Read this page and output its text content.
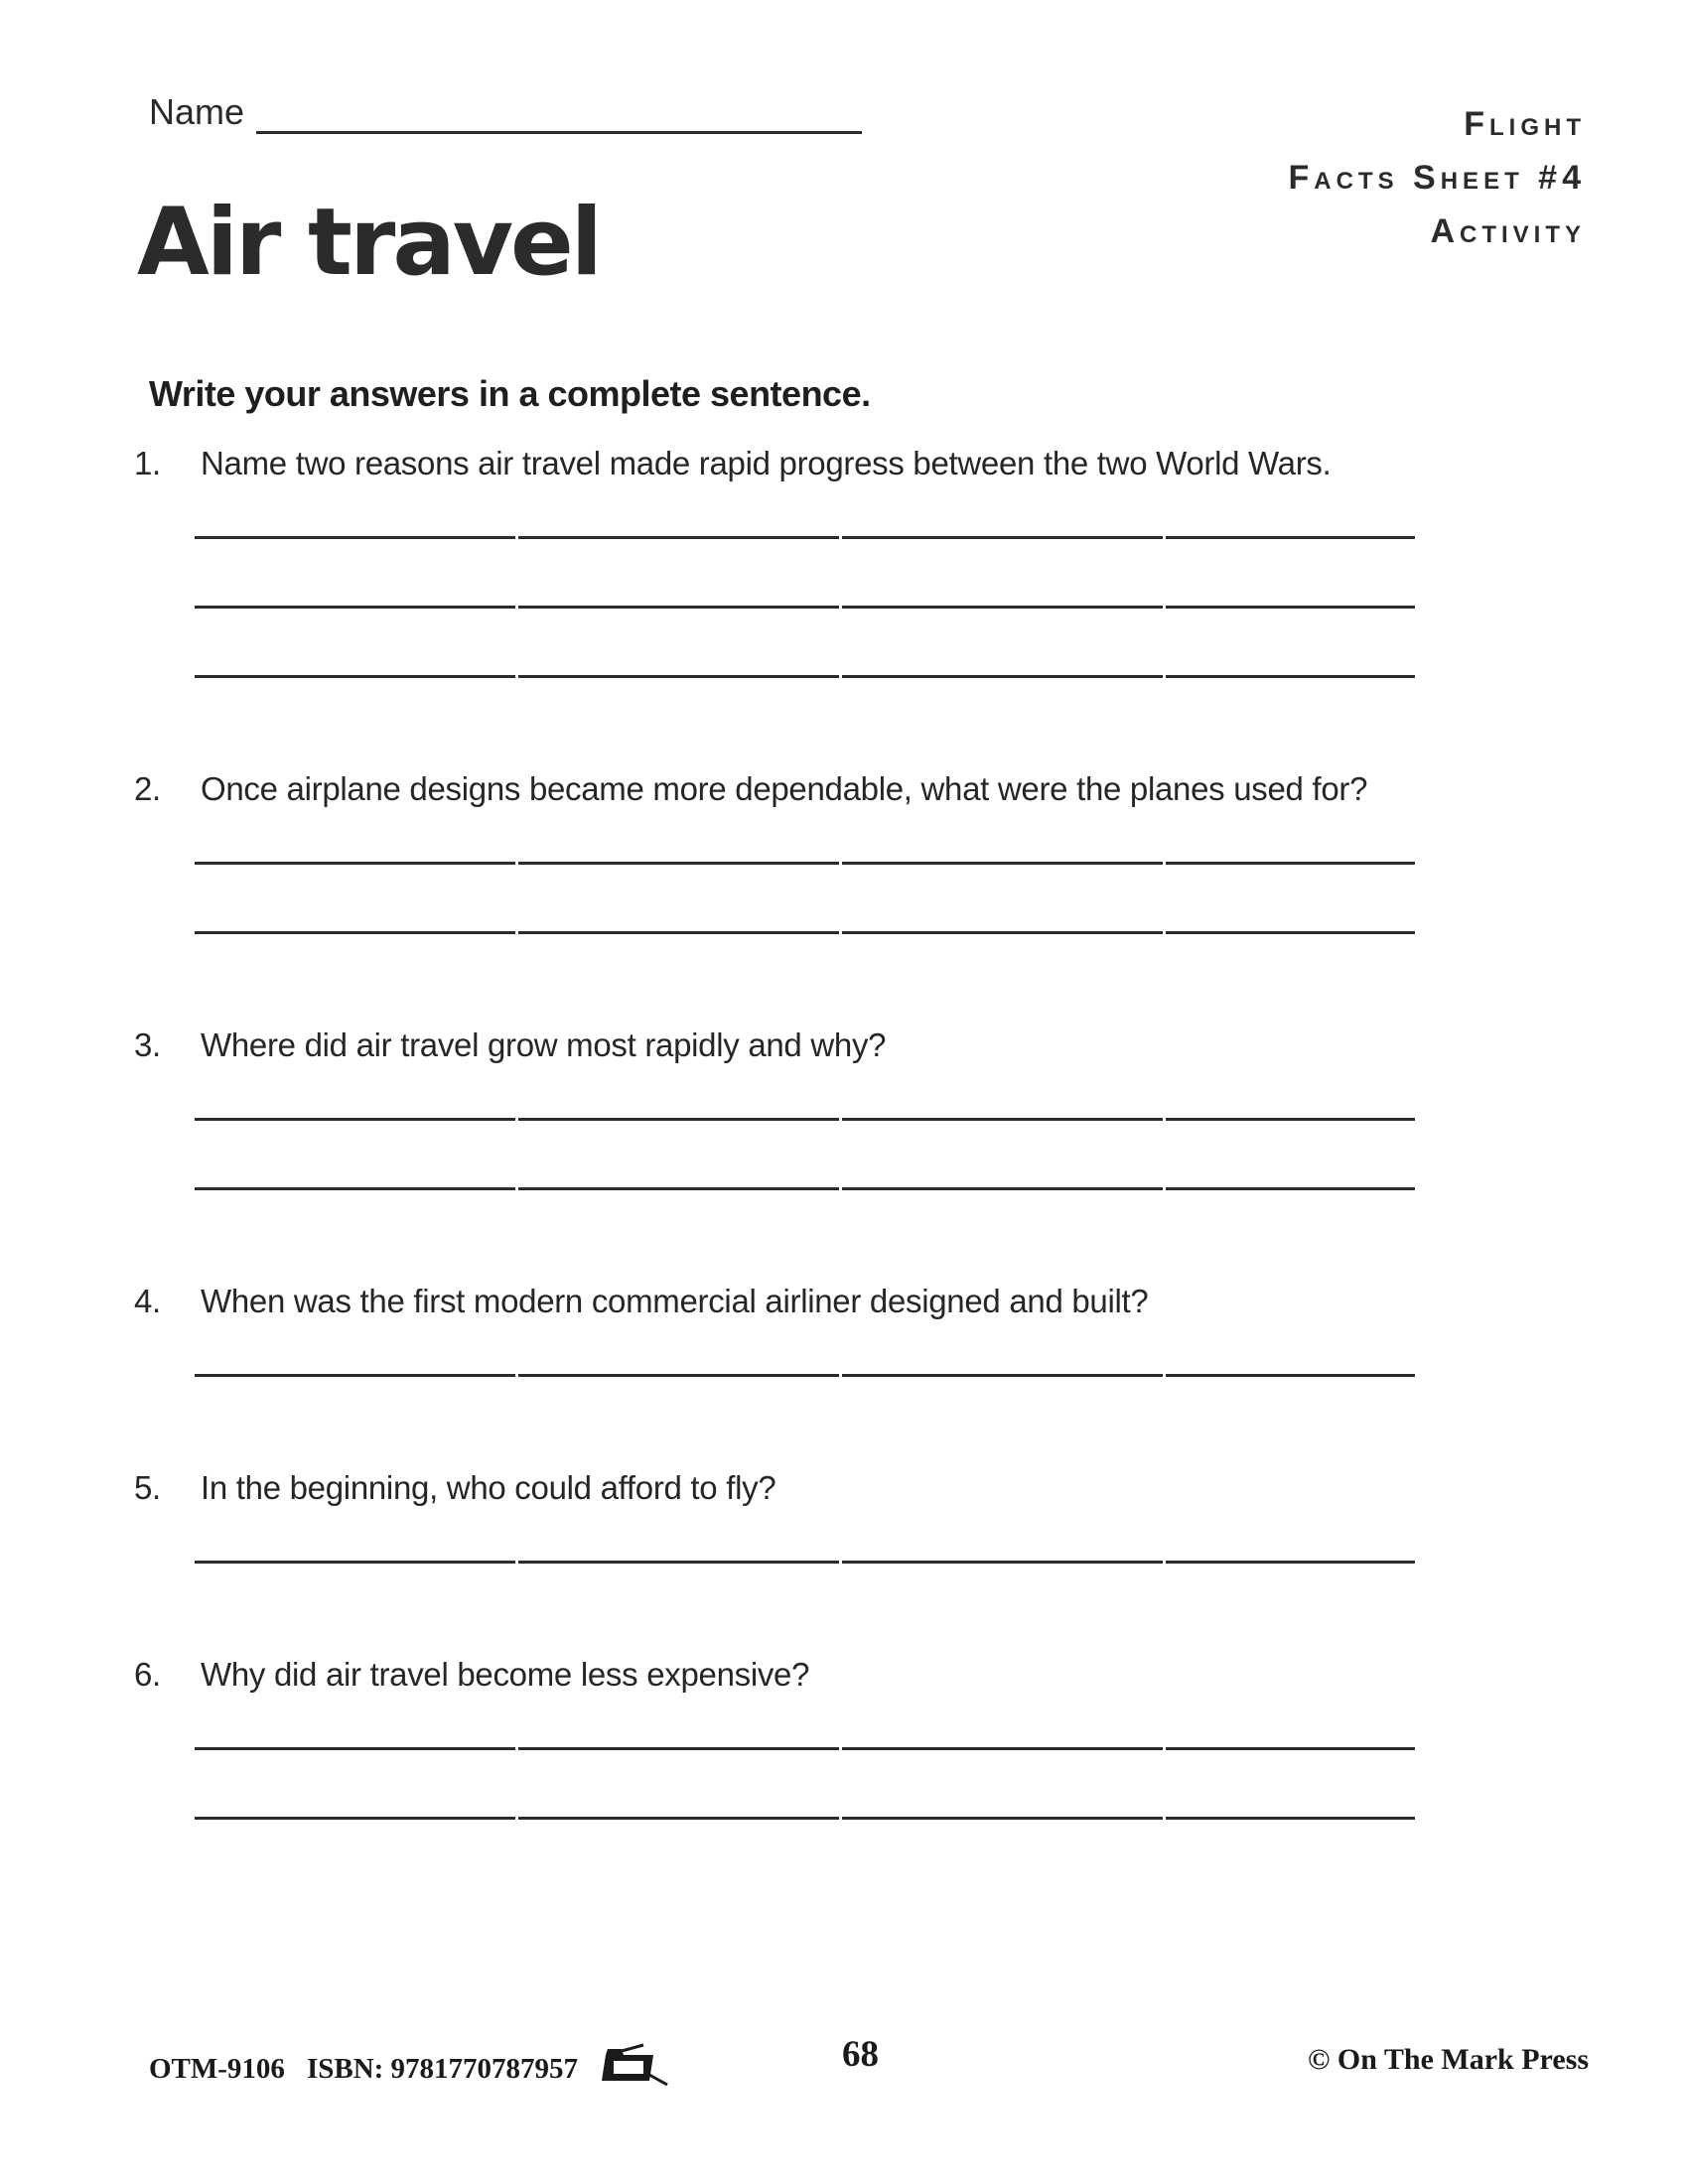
Name	Flight
Facts Sheet #4
Activity
Air travel
Write your answers in a complete sentence.
1.	Name two reasons air travel made rapid progress between the two World Wars.
2.	Once airplane designs became more dependable, what were the planes used for?
3.	Where did air travel grow most rapidly and why?
4.	When was the first modern commercial airliner designed and built?
5.	In the beginning, who could afford to fly?
6.	Why did air travel become less expensive?
OTM-9106 ISBN: 9781770787957	68	© On The Mark Press
